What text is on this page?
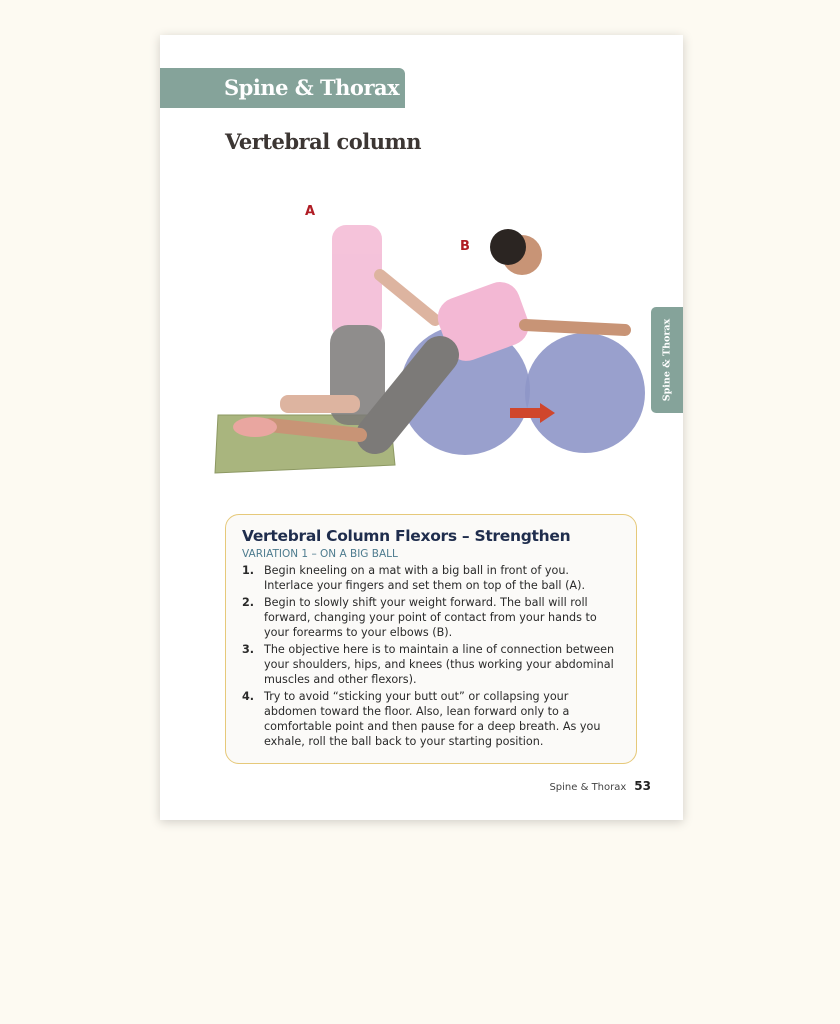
Spine & Thorax
Vertebral column
Spine & Thorax
A
B
Vertebral Column Flexors – Strengthen
VARIATION 1 – ON A BIG BALL
1. Begin kneeling on a mat with a big ball in front of you. Interlace your fingers and set them on top of the ball (A).
2. Begin to slowly shift your weight forward. The ball will roll forward, changing your point of contact from your hands to your forearms to your elbows (B).
3. The objective here is to maintain a line of connection between your shoulders, hips, and knees (thus working your abdominal muscles and other flexors).
4. Try to avoid “sticking your butt out” or collapsing your abdomen toward the floor. Also, lean forward only to a comfortable point and then pause for a deep breath. As you exhale, roll the ball back to your starting position.
Spine & Thorax 53
